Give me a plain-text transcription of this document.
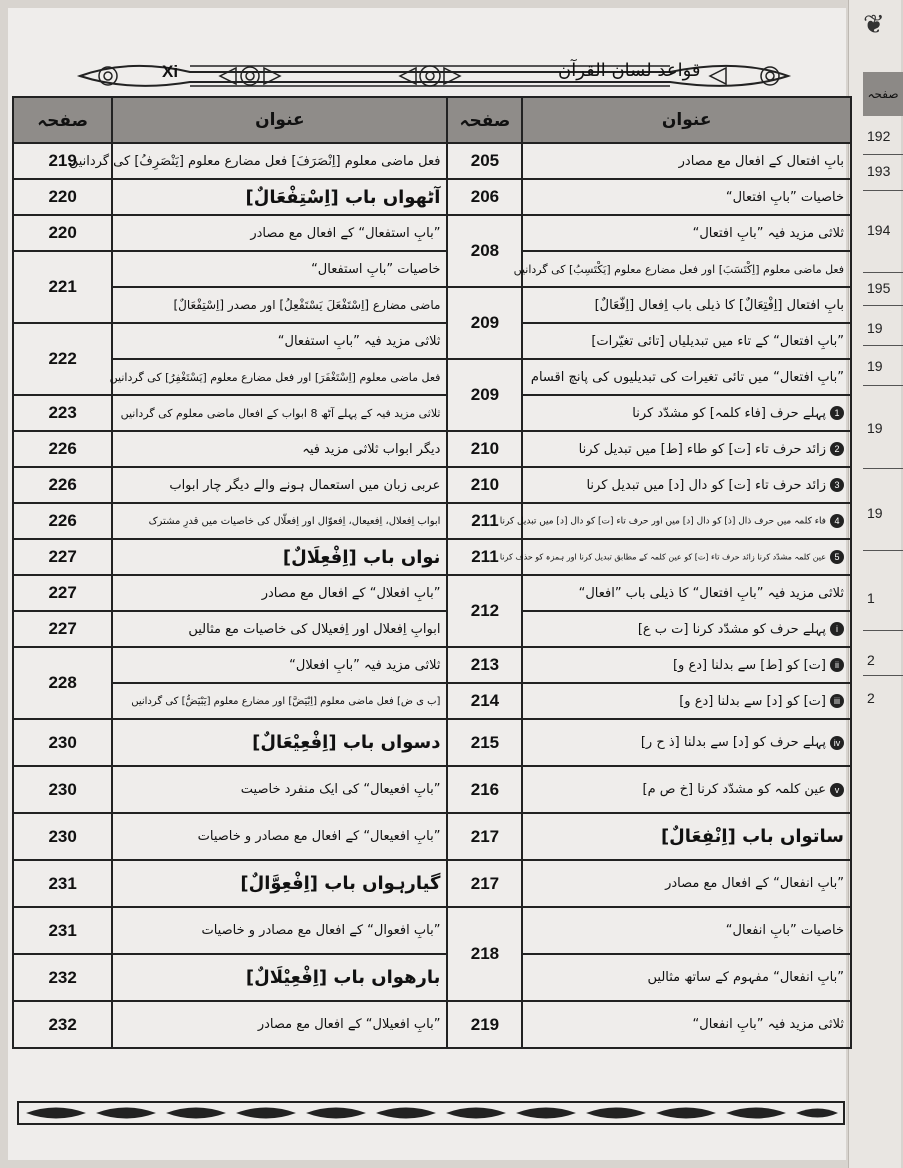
❦
صفحہ
192
193
194
195
19
19
19
19
1
2
2
Xi	قواعد لسان القرآن
عنوان	صفحہ	عنوان	صفحہ
بابِ افتعال کے افعال مع مصادر	205	فعل ماضی معلوم [اِنْصَرَفَ] فعل مضارع معلوم [یَنْصَرِفُ] کی گردانیں	219
خاصیات ”بابِ افتعال“	206	آٹھواں باب [اِسْتِفْعَالٌ]	220
ثلاثی مزید فیہ ”بابِ افتعال“	208	”بابِ استفعال“ کے افعال مع مصادر	220
فعل ماضی معلوم [اِکْتَسَبَ] اور فعل مضارع معلوم [یَکْتَسِبُ] کی گردانیں		خاصیات ”بابِ استفعال“	221
بابِ افتعال [اِفْتِعَالٌ] کا ذیلی باب اِفعال [اِفّعَالٌ]	209	ماضی مضارع [اِسْتَفْعَلَ یَسْتَفْعِلُ] اور مصدر [اِسْتِفْعَالٌ]	
”بابِ افتعال“ کے تاء میں تبدیلیاں [تائی تغیّرات]		ثلاثی مزید فیہ ”بابِ استفعال“	222
”بابِ افتعال“ میں تائی تغیرات کی تبدیلیوں کی پانچ اقسام	209	فعل ماضی معلوم [اِسْتَغْفَرَ] اور فعل مضارع معلوم [یَسْتَغْفِرُ] کی گردانیں	
1پہلے حرف [فاء کلمہ] کو مشدّد کرنا		ثلاثی مزید فیہ کے پہلے آٹھ 8 ابواب کے افعال ماضی معلوم کی گردانیں	223
2زائد حرف تاء [ت] کو طاء [ط] میں تبدیل کرنا	210	دیگر ابواب ثلاثی مزید فیہ	226
3زائد حرف تاء [ت] کو دال [د] میں تبدیل کرنا	210	عربی زبان میں استعمال ہونے والے دیگر چار ابواب	226
4فاء کلمہ میں حرف ذال [ذ] کو دال [د] میں اور حرف تاء [ت] کو دال [د] میں تبدیل کرنا	211	ابواب اِفعلال، اِفعیعال، اِفعوّال اور اِفعلّال کی خاصیات میں قدرِ مشترک	226
5عین کلمہ مشدّد کرنا زائد حرف تاء [ت] کو عین کلمہ کے مطابق تبدیل کرنا اور ہمزہ کو حذف کرنا	211	نواں باب [اِفْعِلَالٌ]	227
ثلاثی مزید فیہ ”بابِ افتعال“ کا ذیلی باب ”افعال“	212	”بابِ افعلال“ کے افعال مع مصادر	227
iپہلے حرف کو مشدّد کرنا [ت ب ع]		ابوابِ اِفعلال اور اِفعیلال کی خاصیات مع مثالیں	227
ii[ت] کو [ط] سے بدلنا [دع و]	213	ثلاثی مزید فیہ ”بابِ افعلال“	228
iii[ت] کو [د] سے بدلنا [دع و]	214	[ب ی ض] فعل ماضی معلوم [اِبْیَضَّ] اور مضارع معلوم [یَبْیَضُّ] کی گردانیں	
ivپہلے حرف کو [د] سے بدلنا [ذ ح ر]	215	دسواں باب [اِفْعِیْعَالٌ]	230
vعین کلمہ کو مشدّد کرنا [خ ص م]	216	”بابِ افعیعال“ کی ایک منفرد خاصیت	230
ساتواں باب [اِنْفِعَالٌ]	217	”بابِ افعیعال“ کے افعال مع مصادر و خاصیات	230
”بابِ انفعال“ کے افعال مع مصادر	217	گیارہواں باب [اِفْعِوَّالٌ]	231
خاصیات ”بابِ انفعال“	218	”بابِ افعوال“ کے افعال مع مصادر و خاصیات	231
”بابِ انفعال“ مفہوم کے ساتھ مثالیں		بارھواں باب [اِفْعِیْلَالٌ]	232
ثلاثی مزید فیہ ”بابِ انفعال“	219	”بابِ افعیلال“ کے افعال مع مصادر	232
